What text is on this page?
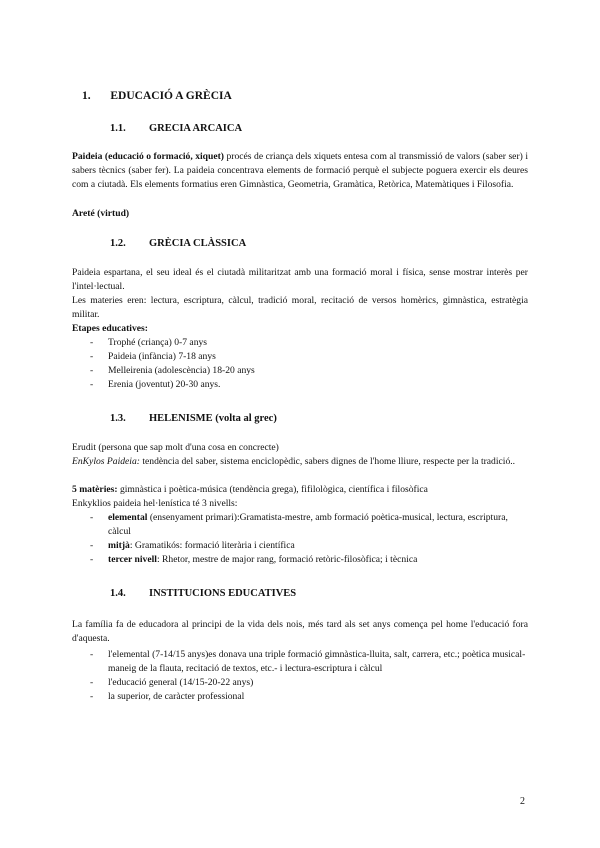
1. EDUCACIÓ A GRÈCIA
1.1. GRECIA ARCAICA

Paideia (educació o formació, xiquet) procés de criança dels xiquets entesa com al transmissió de valors (saber ser) i sabers tècnics (saber fer). La paideia concentrava elements de formació perquè el subjecte poguera exercir els deures com a ciutadà. Els elements formatius eren Gimnàstica, Geometria, Gramàtica, Retòrica, Matemàtiques i Filosofia.

Areté (virtud)
1.2. GRÈCIA CLÀSSICA

Paideia espartana, el seu ideal és el ciutadà militaritzat amb una formació moral i física, sense mostrar interès per l'intel·lectual.

Les materies eren: lectura, escriptura, càlcul, tradició moral, recitació de versos homèrics, gimnàstica, estratègia militar.

Etapes educatives:
- Trophé (criança) 0-7 anys
- Paideia (infància) 7-18 anys
- Melleirenia (adolescència) 18-20 anys
- Erenia (joventut) 20-30 anys.
1.3. HELENISME (volta al grec)
Erudit (persona que sap molt d'una cosa en concrecte)

EnKylos Paideia: tendència del saber, sistema enciclopèdic, sabers dignes de l'home lliure, respecte per la tradició..

5 matèries: gimnàstica i poètica-música (tendència grega), fifilològica, científica i filosòfica
Enkyklios paideia hel·lenística té 3 nivells:
- elemental (ensenyament primari):Gramatista-mestre, amb formació poètica-musical, lectura, escriptura, càlcul
- mitjà: Gramatikós: formació literària i científica
- tercer nivell: Rhetor, mestre de major rang, formació retòric-filosòfica; i tècnica
1.4. INSTITUCIONS EDUCATIVES

La família fa de educadora al principi de la vida dels nois, més tard als set anys comença pel home l'educació fora d'aquesta.

- l'elemental (7-14/15 anys)es donava una triple formació gimnàstica-lluita, salt, carrera, etc.; poètica musical-maneig de la flauta, recitació de textos, etc.- i lectura-escriptura i càlcul
- l'educació general (14/15-20-22 anys)
- la superior, de caràcter professional
2
